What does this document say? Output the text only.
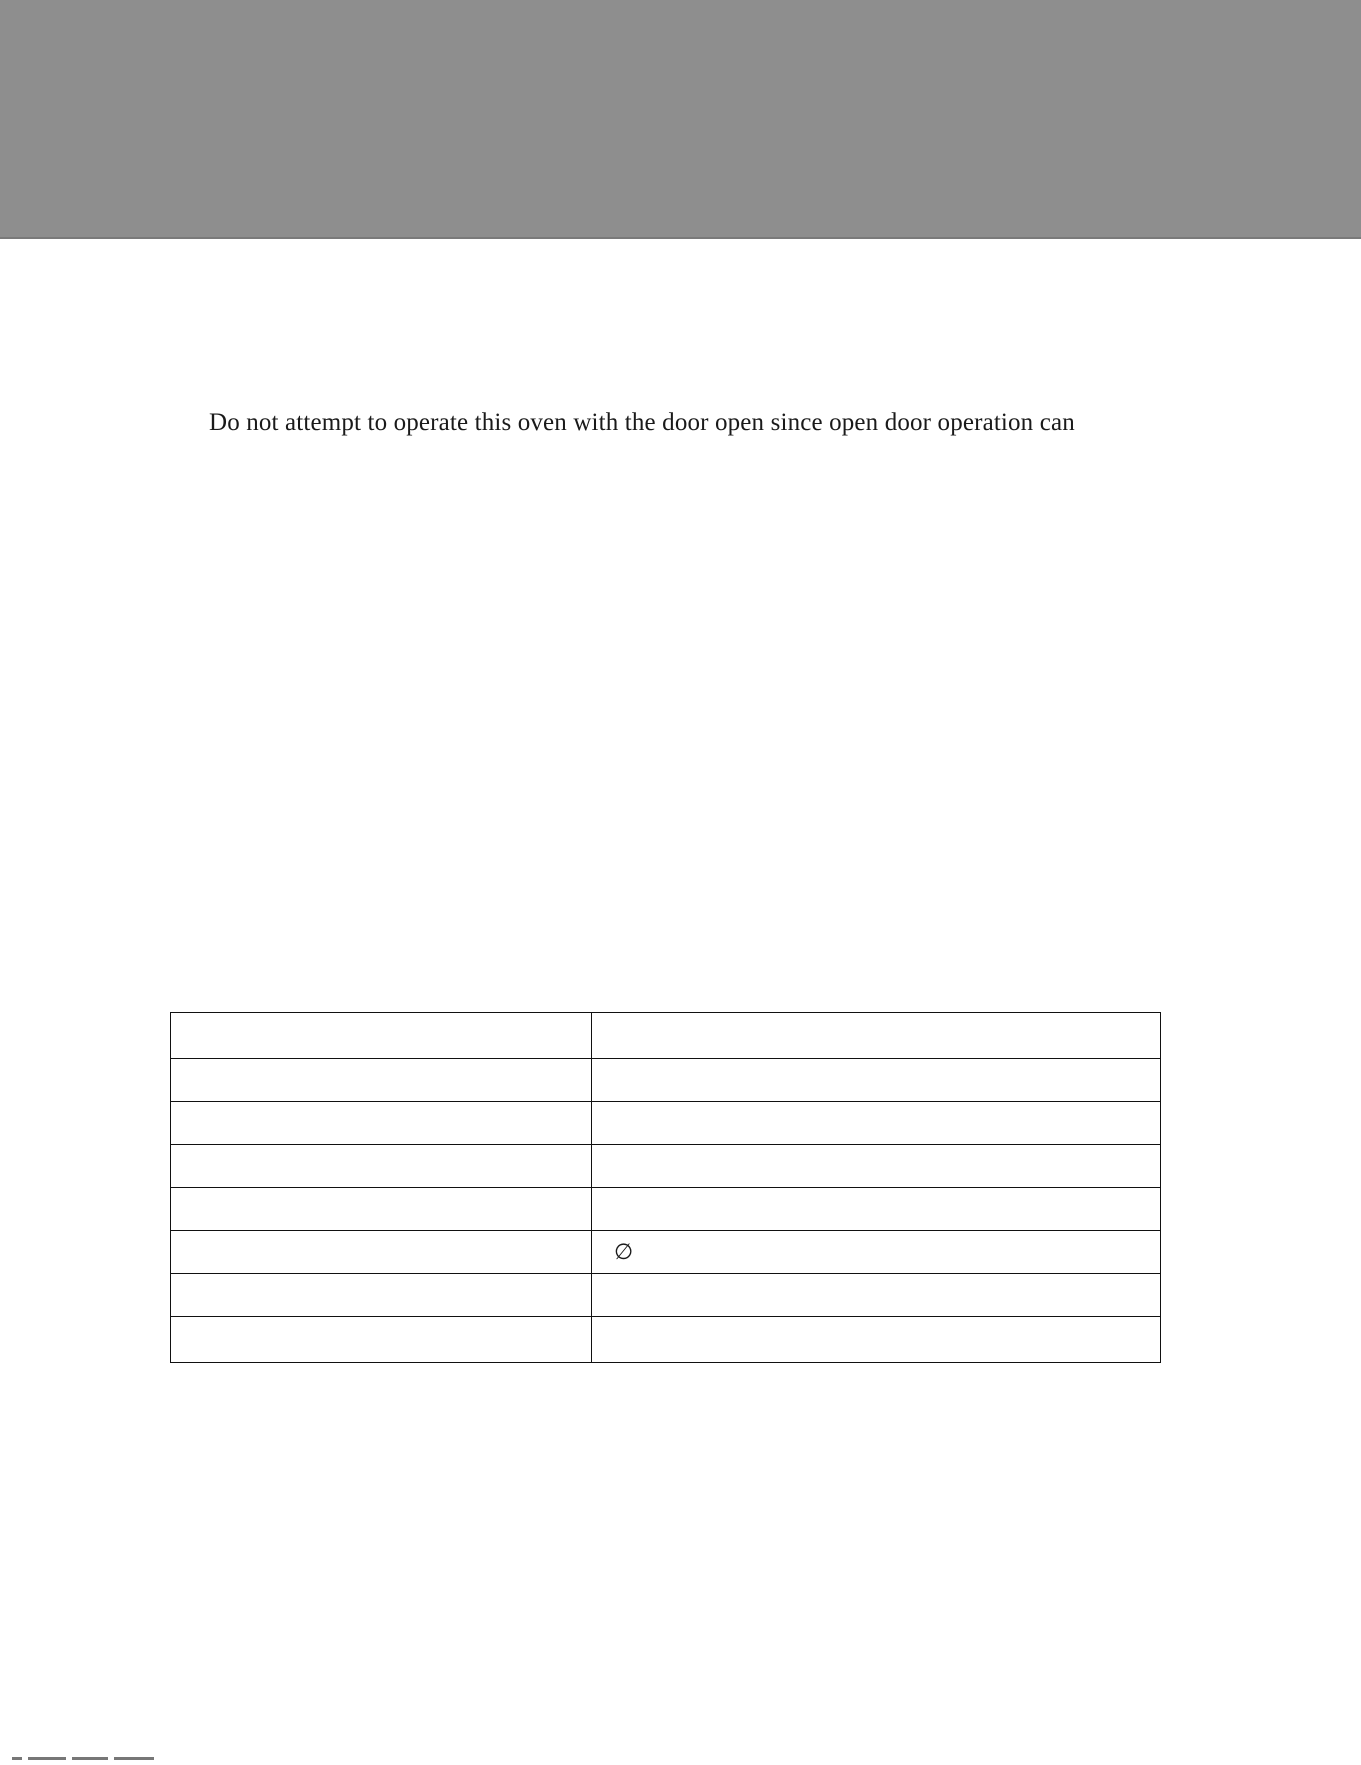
Do not attempt to operate this oven with the door open since open door operation can

	∅
